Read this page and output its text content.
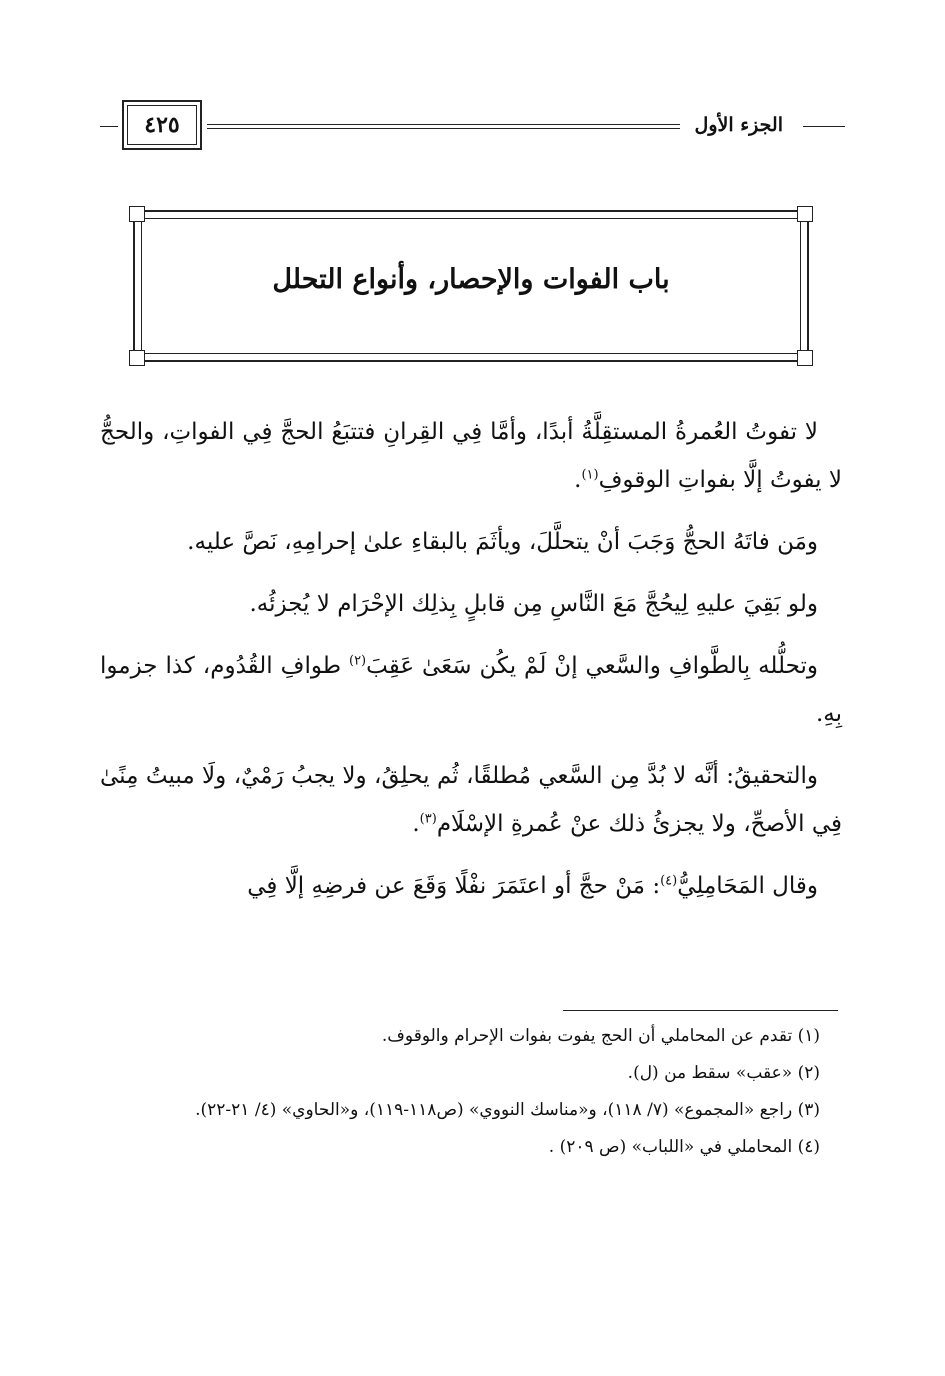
الجزء الأول
٤٢٥
باب الفوات والإحصار، وأنواع التحلل

لا تفوتُ العُمرةُ المستقِلَّةُ أبدًا، وأمَّا فِي القِرانِ فتتبَعُ الحجَّ فِي الفواتِ، والحجُّ لا يفوتُ إلَّا بفواتِ الوقوفِ$^{(١)}$.

ومَن فاتَهُ الحجُّ وَجَبَ أنْ يتحلَّلَ، ويأثَمَ بالبقاءِ علىٰ إحرامِهِ، نَصَّ عليه.

ولو بَقِيَ عليهِ لِيحُجَّ مَعَ النَّاسِ مِن قابلٍ بِذلِك الإحْرَام لا يُجزئُه.

وتحلُّله بِالطَّوافِ والسَّعي إنْ لَمْ يكُن سَعَىٰ عَقِبَ$^{(٢)}$ طوافِ القُدُوم، كذا جزموا بِهِ.

والتحقيقُ: أنَّه لا بُدَّ مِن السَّعي مُطلقًا، ثُم يحلِقُ، ولا يجبُ رَمْيٌ، ولَا مبيتُ مِنًىٰ فِي الأصحِّ، ولا يجزئُ ذلك عنْ عُمرةِ الإسْلَام$^{(٣)}$.

وقال المَحَامِلِيُّ$^{(٤)}$: مَنْ حجَّ أو اعتَمَرَ نفْلًا وَقَعَ عن فرضِهِ إلَّا فِي

(١) تقدم عن المحاملي أن الحج يفوت بفوات الإحرام والوقوف.
(٢) «عقب» سقط من (ل).
(٣) راجع «المجموع» (٧/ ١١٨)، و«مناسك النووي» (ص١١٨-١١٩)، و«الحاوي» (٤/ ٢١-٢٢).
(٤) المحاملي في «اللباب» (ص ٢٠٩) .
